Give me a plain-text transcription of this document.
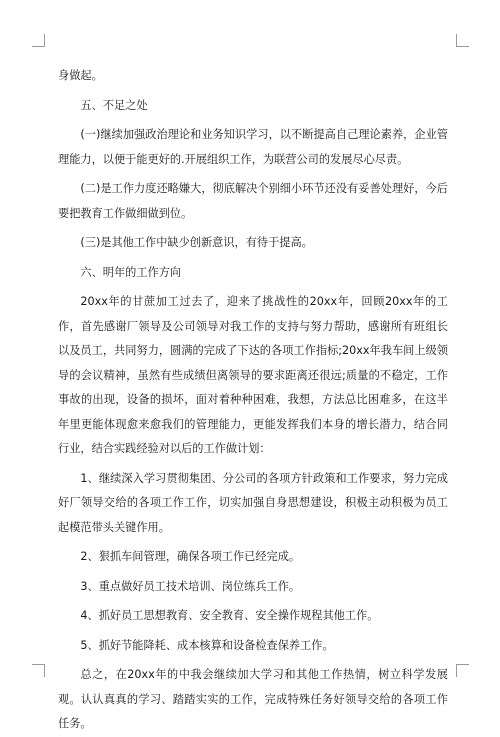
身做起。

五、不足之处

(一)继续加强政治理论和业务知识学习，以不断提高自己理论素养，企业管理能力，以便于能更好的.开展组织工作，为联营公司的发展尽心尽责。

(二)是工作力度还略嫌大，彻底解决个别细小环节还没有妥善处理好，今后要把教育工作做细做到位。

(三)是其他工作中缺少创新意识，有待于提高。

六、明年的工作方向

20xx年的甘蔗加工过去了，迎来了挑战性的20xx年，回顾20xx年的工作，首先感谢厂领导及公司领导对我工作的支持与努力帮助，感谢所有班组长以及员工，共同努力，圆满的完成了下达的各项工作指标;20xx年我车间上级领导的会议精神，虽然有些成绩但离领导的要求距离还很远;质量的不稳定，工作事故的出现，设备的损坏，面对着种种困难，我想，方法总比困难多，在这半年里更能体现愈来愈我们的管理能力，更能发挥我们本身的增长潜力，结合同行业，结合实践经验对以后的工作做计划：

1、继续深入学习贯彻集团、分公司的各项方针政策和工作要求，努力完成好厂领导交给的各项工作工作，切实加强自身思想建设，积极主动积极为员工起模范带头关键作用。

2、狠抓车间管理，确保各项工作已经完成。

3、重点做好员工技术培训、岗位练兵工作。

4、抓好员工思想教育、安全教育、安全操作规程其他工作。

5、抓好节能降耗、成本核算和设备检查保养工作。

总之，在20xx年的中我会继续加大学习和其他工作热情，树立科学发展观。认认真真的学习、踏踏实实的工作，完成特殊任务好领导交给的各项工作任务。
